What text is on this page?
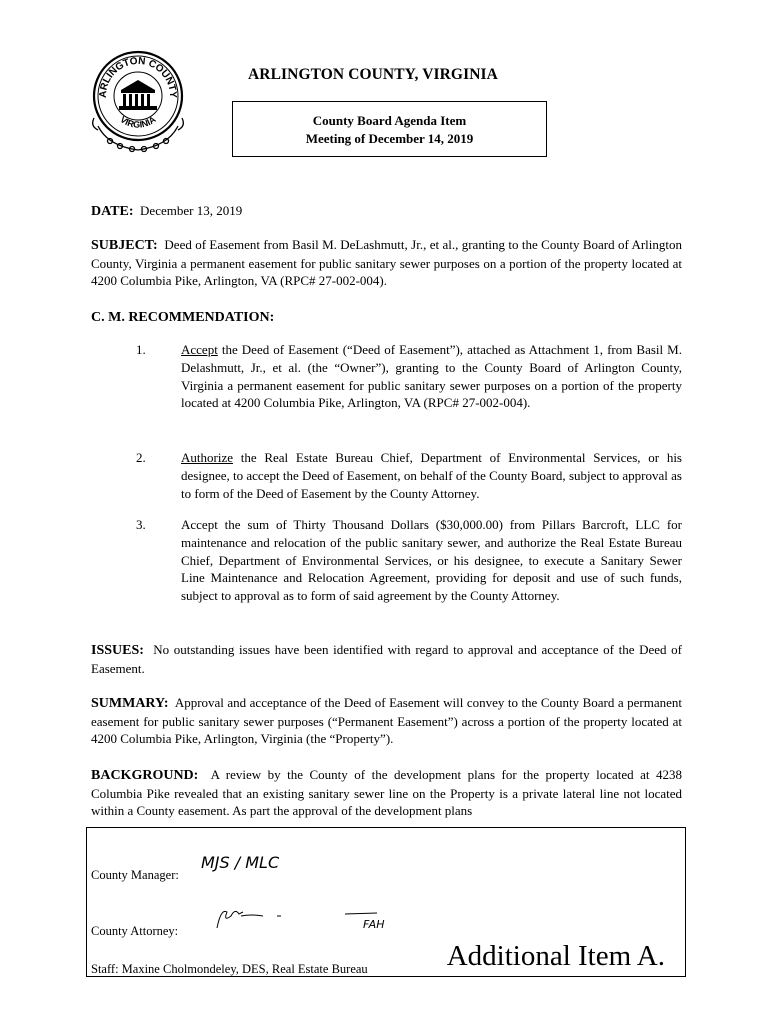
ARLINGTON COUNTY
VIRGINIA
ARLINGTON COUNTY, VIRGINIA
County Board Agenda Item
Meeting of December 14, 2019
DATE: December 13, 2019
SUBJECT: Deed of Easement from Basil M. DeLashmutt, Jr., et al., granting to the County Board of Arlington County, Virginia a permanent easement for public sanitary sewer purposes on a portion of the property located at 4200 Columbia Pike, Arlington, VA (RPC# 27-002-004).
C. M. RECOMMENDATION:
1.	Accept the Deed of Easement (“Deed of Easement”), attached as Attachment 1, from Basil M. Delashmutt, Jr., et al. (the “Owner”), granting to the County Board of Arlington County, Virginia a permanent easement for public sanitary sewer purposes on a portion of the property located at 4200 Columbia Pike, Arlington, VA (RPC# 27-002-004).
2.	Authorize the Real Estate Bureau Chief, Department of Environmental Services, or his designee, to accept the Deed of Easement, on behalf of the County Board, subject to approval as to form of the Deed of Easement by the County Attorney.
3.	Accept the sum of Thirty Thousand Dollars ($30,000.00) from Pillars Barcroft, LLC for maintenance and relocation of the public sanitary sewer, and authorize the Real Estate Bureau Chief, Department of Environmental Services, or his designee, to execute a Sanitary Sewer Line Maintenance and Relocation Agreement, providing for deposit and use of such funds, subject to approval as to form of said agreement by the County Attorney.
ISSUES: No outstanding issues have been identified with regard to approval and acceptance of the Deed of Easement.
SUMMARY: Approval and acceptance of the Deed of Easement will convey to the County Board a permanent easement for public sanitary sewer purposes (“Permanent Easement”) across a portion of the property located at 4200 Columbia Pike, Arlington, Virginia (the “Property”).
BACKGROUND: A review by the County of the development plans for the property located at 4238 Columbia Pike revealed that an existing sanitary sewer line on the Property is a private lateral line not located within a County easement. As part the approval of the development plans
County Manager:
MJS / MLC
County Attorney:	FAH
Staff: Maxine Cholmondeley, DES, Real Estate Bureau	Additional Item A.
